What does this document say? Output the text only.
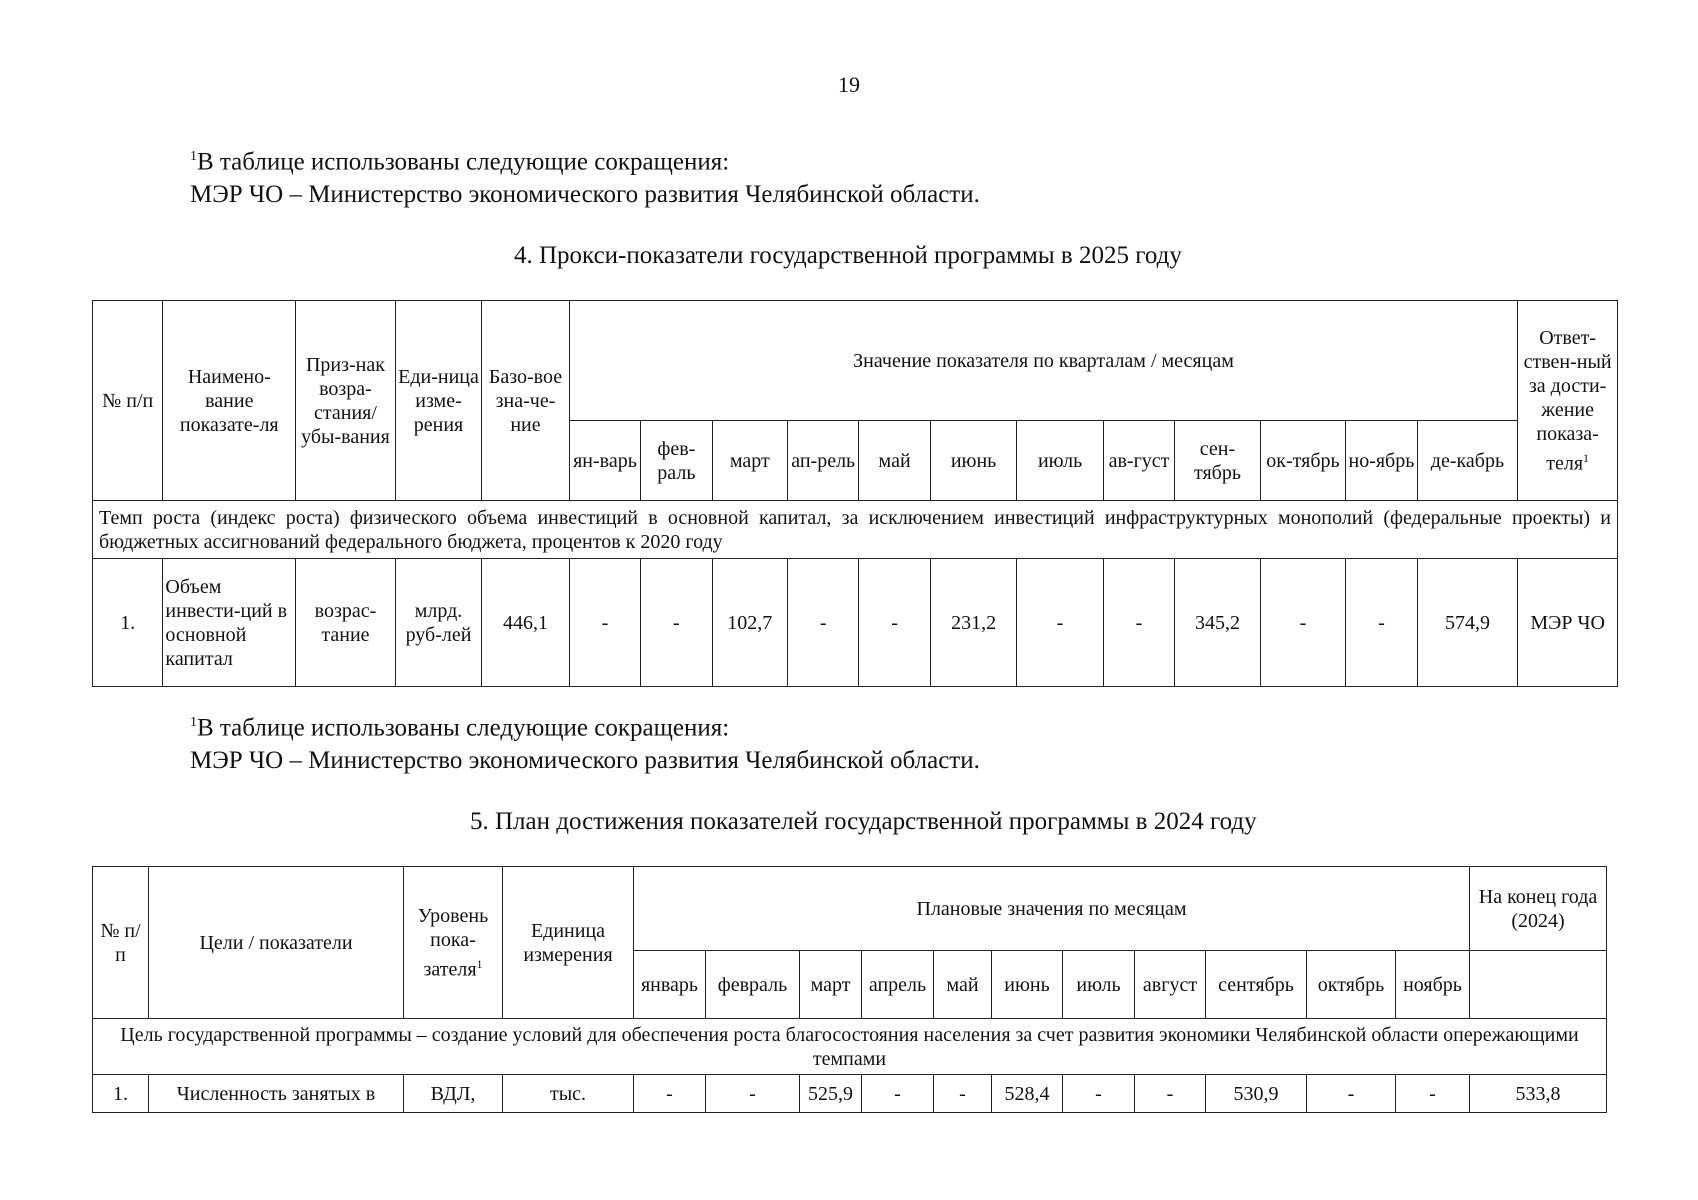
19
$^1$В таблице использованы следующие сокращения:
МЭР ЧО – Министерство экономического развития Челябинской области.
4. Прокси-показатели государственной программы в 2025 году
№ п/п	Наимено-вание показате-ля	Приз-нак возра-стания/ убы-вания	Еди-ница изме-рения	Базо-вое зна-че-ние	Значение показателя по кварталам / месяцам												Ответ-ствен-ный за дости-жение показа-теля$^1$
					ян-варь	фев-раль	март	ап-рель	май	июнь	июль	ав-густ	сен-тябрь	ок-тябрь	но-ябрь	де-кабрь	
Темп роста (индекс роста) физического объема инвестиций в основной капитал, за исключением инвестиций инфраструктурных монополий (федеральные проекты) и бюджетных ассигнований федерального бюджета, процентов к 2020 году																	
1.	Объем инвести-ций в основной капитал	возрас-тание	млрд. руб-лей	446,1	-	-	102,7	-	-	231,2	-	-	345,2	-	-	574,9	МЭР ЧО
$^1$В таблице использованы следующие сокращения:
МЭР ЧО – Министерство экономического развития Челябинской области.
5. План достижения показателей государственной программы в 2024 году
№ п/п	Цели / показатели	Уровень пока-зателя$^1$	Единица измерения	Плановые значения по месяцам											На конец года (2024)
				январь	февраль	март	апрель	май	июнь	июль	август	сентябрь	октябрь	ноябрь	
Цель государственной программы – создание условий для обеспечения роста благосостояния населения за счет развития экономики Челябинской области опережающими темпами															
1.	Численность занятых в	ВДЛ,	тыс.	-	-	525,9	-	-	528,4	-	-	530,9	-	-	533,8
